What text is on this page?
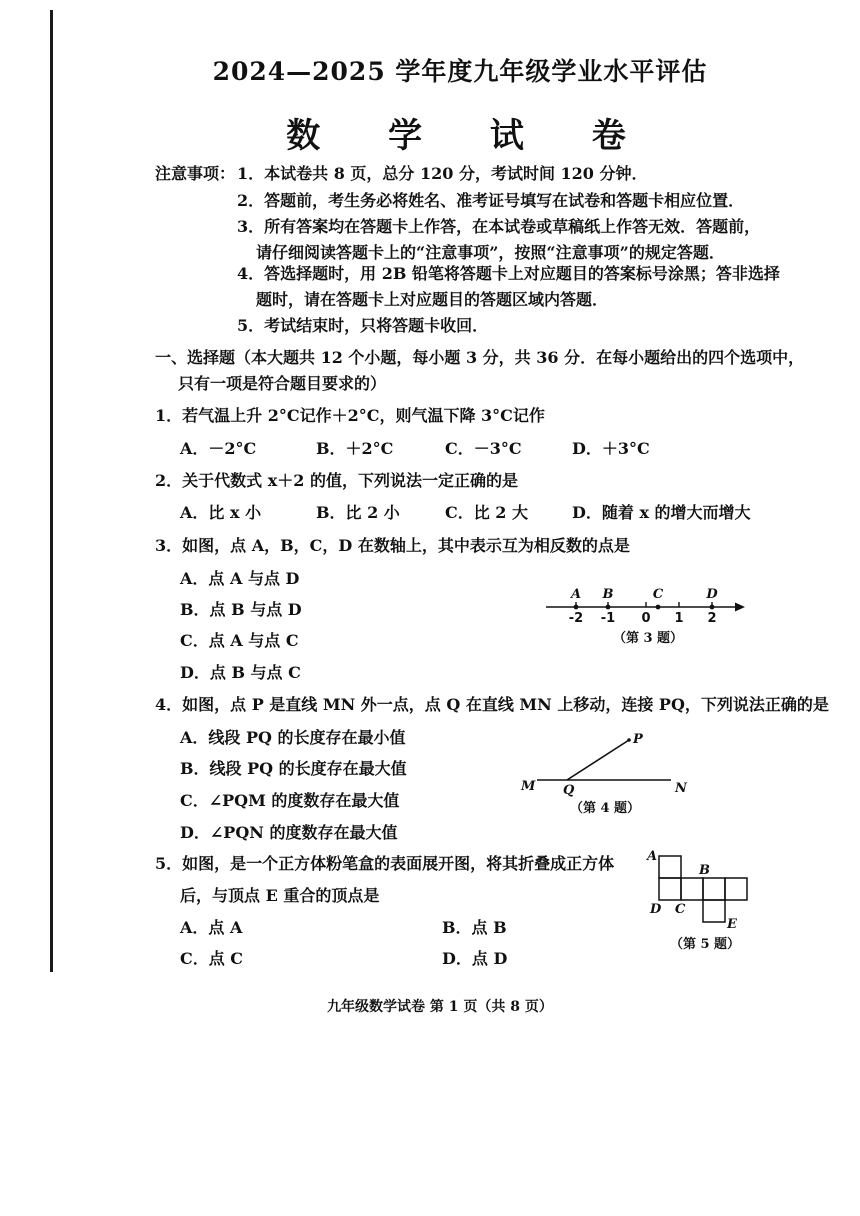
2024—2025 学年度九年级学业水平评估
数 学 试 卷
注意事项： 1．本试卷共 8 页，总分 120 分，考试时间 120 分钟．
2．答题前，考生务必将姓名、准考证号填写在试卷和答题卡相应位置．
3．所有答案均在答题卡上作答，在本试卷或草稿纸上作答无效．答题前，
请仔细阅读答题卡上的“注意事项”，按照“注意事项”的规定答题．
4．答选择题时，用 2B 铅笔将答题卡上对应题目的答案标号涂黑；答非选择
题时，请在答题卡上对应题目的答题区域内答题．
5．考试结束时，只将答题卡收回．
一、选择题（本大题共 12 个小题，每小题 3 分，共 36 分．在每小题给出的四个选项中，
只有一项是符合题目要求的）
1．若气温上升 2°C记作＋2°C，则气温下降 3°C记作
A．－2°C	B．＋2°C	C．－3°C	D．＋3°C
2．关于代数式 x＋2 的值，下列说法一定正确的是
A．比 x 小	B．比 2 小	C．比 2 大	D．随着 x 的增大而增大
3．如图，点 A，B，C，D 在数轴上，其中表示互为相反数的点是
A．点 A 与点 D
B．点 B 与点 D
C．点 A 与点 C
D．点 B 与点 C
A B	C	D
-2 -1 0 1 2
（第 3 题）
4．如图，点 P 是直线 MN 外一点，点 Q 在直线 MN 上移动，连接 PQ，下列说法正确的是
A．线段 PQ 的长度存在最小值
B．线段 PQ 的长度存在最大值
C．∠PQM 的度数存在最大值
D．∠PQN 的度数存在最大值
P
M Q	N
（第 4 题）
5．如图，是一个正方体粉笔盒的表面展开图，将其折叠成正方体
后，与顶点 E 重合的顶点是
A．点 A	B．点 B
C．点 C	D．点 D
A
B
D C
E
（第 5 题）
九年级数学试卷 第 1 页（共 8 页）
